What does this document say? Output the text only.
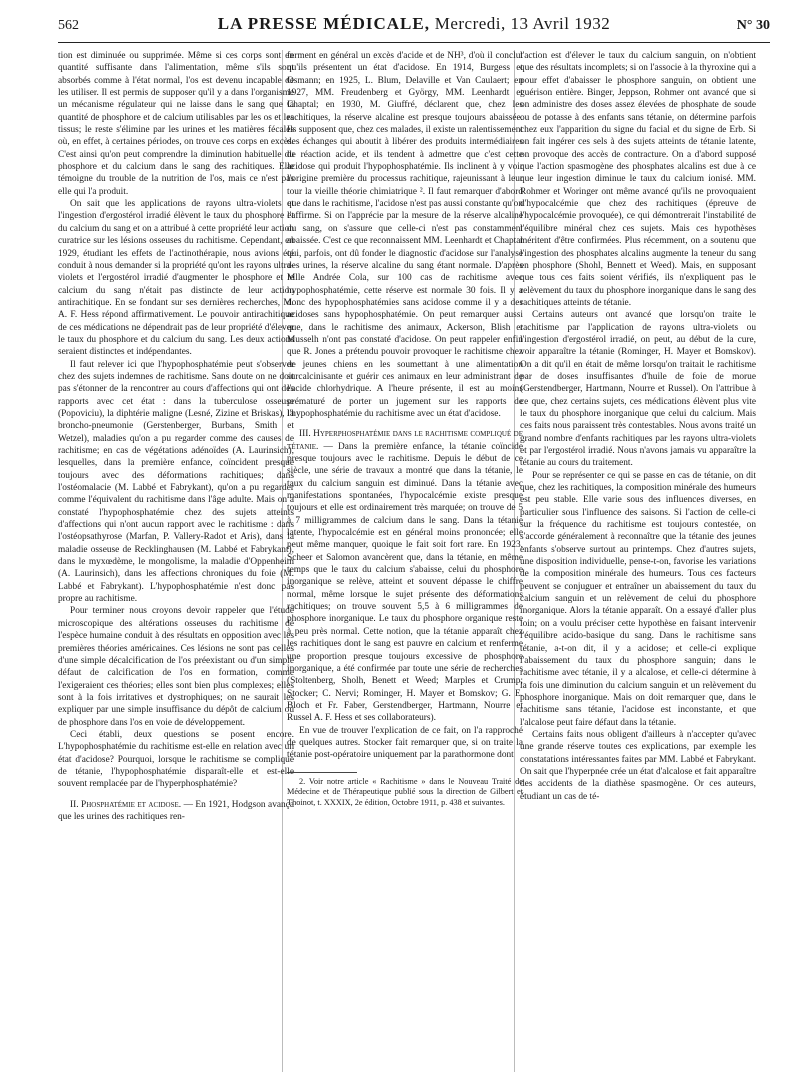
562	LA PRESSE MÉDICALE, Mercredi, 13 Avril 1932	N° 30

tion est diminuée ou supprimée. Même si ces corps sont en quantité suffisante dans l'alimentation, même s'ils sont absorbés comme à l'état normal, l'os est devenu incapable de les utiliser. Il est permis de supposer qu'il y a dans l'organisme un mécanisme régulateur qui ne laisse dans le sang que la quantité de phosphore et de calcium utilisables par les os et les tissus; le reste s'élimine par les urines et les matières fécales où, en effet, à certaines périodes, on trouve ces corps en excès. C'est ainsi qu'on peut comprendre la diminution habituelle du phosphore et du calcium dans le sang des rachitiques. Elle témoigne du trouble de la nutrition de l'os, mais ce n'est pas elle qui l'a produit.

On sait que les applications de rayons ultra-violets et l'ingestion d'ergostérol irradié élèvent le taux du phosphore et du calcium du sang et on a attribué à cette propriété leur action curatrice sur les lésions osseuses du rachitisme. Cependant, en 1929, étudiant les effets de l'actinothérapie, nous avions été conduit à nous demander si la propriété qu'ont les rayons ultra-violets et l'ergostérol irradié d'augmenter le phosphore et le calcium du sang n'était pas distincte de leur action antirachitique. En se fondant sur ses dernières recherches, M. A. F. Hess répond affirmativement. Le pouvoir antirachitique de ces médications ne dépendrait pas de leur propriété d'élever le taux du phosphore et du calcium du sang. Les deux actions seraient distinctes et indépendantes.

Il faut relever ici que l'hypophosphatémie peut s'observer chez des sujets indemnes de rachitisme. Sans doute on ne doit pas s'étonner de la rencontrer au cours d'affections qui ont des rapports avec cet état : dans la tuberculose osseuse (Popoviciu), la diphtérie maligne (Lesné, Zizine et Briskas), la broncho-pneumonie (Gerstenberger, Burbans, Smith et Wetzel), maladies qu'on a pu regarder comme des causes de rachitisme; en cas de végétations adénoïdes (A. Laurinsich), lesquelles, dans la première enfance, coïncident presque toujours avec des déformations rachitiques; dans l'ostéomalacie (M. Labbé et Fabrykant), qu'on a pu regarder comme l'équivalent du rachitisme dans l'âge adulte. Mais on a constaté l'hypophosphatémie chez des sujets atteints d'affections qui n'ont aucun rapport avec le rachitisme : dans l'ostéopsathyrose (Marfan, P. Vallery-Radot et Aris), dans la maladie osseuse de Recklinghausen (M. Labbé et Fabrykant), dans le myxœdème, le mongolisme, la maladie d'Oppenheim (A. Laurinsich), dans les affections chroniques du foie (M. Labbé et Fabrykant). L'hypophosphatémie n'est donc pas propre au rachitisme.

Pour terminer nous croyons devoir rappeler que l'étude microscopique des altérations osseuses du rachitisme de l'espèce humaine conduit à des résultats en opposition avec les premières théories américaines. Ces lésions ne sont pas celles d'une simple décalcification de l'os préexistant ou d'un simple défaut de calcification de l'os en formation, comme l'exigeraient ces théories; elles sont bien plus complexes; elles sont à la fois irritatives et dystrophiques; on ne saurait les expliquer par une simple insuffisance du dépôt de calcium ou de phosphore dans l'os en voie de développement.

Ceci établi, deux questions se posent encore. L'hypophosphatémie du rachitisme est-elle en relation avec un état d'acidose? Pourquoi, lorsque le rachitisme se complique de tétanie, l'hypophosphatémie disparaît-elle et est-elle souvent remplacée par de l'hyperphosphatémie?

II. Phosphatémie et acidose. — En 1921, Hodgson avança que les urines des rachitiques ren-

ferment en général un excès d'acide et de NH³, d'où il conclut qu'ils présentent un état d'acidose. En 1914, Burgess et Osmann; en 1925, L. Blum, Delaville et Van Caulaert; en 1927, MM. Freudenberg et György, MM. Leenhardt et Chaptal; en 1930, M. Giuffré, déclarent que, chez les rachitiques, la réserve alcaline est presque toujours abaissée. Ils supposent que, chez ces malades, il existe un ralentissement des échanges qui aboutit à libérer des produits intermédiaires de réaction acide, et ils tendent à admettre que c'est cette acidose qui produit l'hypophosphatémie. Ils inclinent à y voir l'origine première du processus rachitique, rajeunissant à leur tour la vieille théorie chimiatrique ². Il faut remarquer d'abord que dans le rachitisme, l'acidose n'est pas aussi constante qu'on l'affirme. Si on l'apprécie par la mesure de la réserve alcaline du sang, on s'assure que celle-ci n'est pas constamment abaissée. C'est ce que reconnaissent MM. Leenhardt et Chaptal qui, parfois, ont dû fonder le diagnostic d'acidose sur l'analyse des urines, la réserve alcaline du sang étant normale. D'après Mlle Andrée Cola, sur 100 cas de rachitisme avec hypophosphatémie, cette réserve est normale 30 fois. Il y a donc des hypophosphatémies sans acidose comme il y a des acidoses sans hypophosphatémie. On peut remarquer aussi que, dans le rachitisme des animaux, Ackerson, Blish et Musselh n'ont pas constaté d'acidose. On peut rappeler enfin que R. Jones a prétendu pouvoir provoquer le rachitisme chez de jeunes chiens en les soumettant à une alimentation surcalcinisante et guérir ces animaux en leur administrant de l'acide chlorhydrique. A l'heure présente, il est au moins prématuré de porter un jugement sur les rapports de l'hypophosphatémie du rachitisme avec un état d'acidose.

III. Hyperphosphatémie dans le rachitisme compliqué de tétanie. — Dans la première enfance, la tétanie coïncide presque toujours avec le rachitisme. Depuis le début de ce siècle, une série de travaux a montré que dans la tétanie, le taux du calcium sanguin est diminué. Dans la tétanie avec manifestations spontanées, l'hypocalcémie existe presque toujours et elle est ordinairement très marquée; on trouve de 5 à 7 milligrammes de calcium dans le sang. Dans la tétanie latente, l'hypocalcémie est en général moins prononcée; elle peut même manquer, quoique le fait soit fort rare. En 1923, Scheer et Salomon avancèrent que, dans la tétanie, en même temps que le taux du calcium s'abaisse, celui du phosphore inorganique se relève, atteint et souvent dépasse le chiffre normal, même lorsque le sujet présente des déformations rachitiques; on trouve souvent 5,5 à 6 milligrammes de phosphore inorganique. Le taux du phosphore organique reste à peu près normal. Cette notion, que la tétanie apparaît chez les rachitiques dont le sang est pauvre en calcium et renferme une proportion presque toujours excessive de phosphore inorganique, a été confirmée par toute une série de recherches (Stoltenberg, Sholh, Benett et Weed; Marples et Crump; Stocker; C. Nervi; Rominger, H. Mayer et Bomskov; G. E. Bloch et Fr. Faber, Gerstendberger, Hartmann, Nourre et Russel A. F. Hess et ses collaborateurs).

En vue de trouver l'explication de ce fait, on l'a rapproché de quelques autres. Stocker fait remarquer que, si on traite la tétanie post-opératoire uniquement par la parathormone dont

2. Voir notre article « Rachitisme » dans le Nouveau Traité de Médecine et de Thérapeutique publié sous la direction de Gilbert et Thoinot, t. XXXIX, 2e édition, Octobre 1911, p. 438 et suivantes.

l'action est d'élever le taux du calcium sanguin, on n'obtient que des résultats incomplets; si on l'associe à la thyroxine qui a pour effet d'abaisser le phosphore sanguin, on obtient une guérison entière. Binger, Jeppson, Rohmer ont avancé que si on administre des doses assez élevées de phosphate de soude ou de potasse à des enfants sans tétanie, on détermine parfois chez eux l'apparition du signe du facial et du signe de Erb. Si on fait ingérer ces sels à des sujets atteints de tétanie latente, on provoque des accès de contracture. On a d'abord supposé que l'action spasmogène des phosphates alcalins est due à ce que leur ingestion diminue le taux du calcium ionisé. MM. Rohmer et Woringer ont même avancé qu'ils ne provoquaient d'hypocalcémie que chez des rachitiques (épreuve de l'hypocalcémie provoquée), ce qui démontrerait l'instabilité de l'équilibre minéral chez ces sujets. Mais ces hypothèses méritent d'être confirmées. Plus récemment, on a soutenu que l'ingestion des phosphates alcalins augmente la teneur du sang en phosphore (Shohl, Bennett et Weed). Mais, en supposant que tous ces faits soient vérifiés, ils n'expliquent pas le relèvement du taux du phosphore inorganique dans le sang des rachitiques atteints de tétanie.

Certains auteurs ont avancé que lorsqu'on traite le rachitisme par l'application de rayons ultra-violets ou l'ingestion d'ergostérol irradié, on peut, au début de la cure, voir apparaître la tétanie (Rominger, H. Mayer et Bomskov). On a dit qu'il en était de même lorsqu'on traitait le rachitisme par de doses insuffisantes d'huile de foie de morue (Gerstendberger, Hartmann, Nourre et Russel). On l'attribue à ce que, chez certains sujets, ces médications élèvent plus vite le taux du phosphore inorganique que celui du calcium. Mais ces faits nous paraissent très contestables. Nous avons traité un grand nombre d'enfants rachitiques par les rayons ultra-violets et par l'ergostérol irradié. Nous n'avons jamais vu apparaître la tétanie au cours du traitement.

Pour se représenter ce qui se passe en cas de tétanie, on dit que, chez les rachitiques, la composition minérale des humeurs est peu stable. Elle varie sous des influences diverses, en particulier sous l'influence des saisons. Si l'action de celle-ci sur la fréquence du rachitisme est toujours contestée, on s'accorde généralement à reconnaître que la tétanie des jeunes enfants s'observe surtout au printemps. Chez d'autres sujets, une disposition individuelle, pense-t-on, favorise les variations de la composition minérale des humeurs. Tous ces facteurs peuvent se conjuguer et entraîner un abaissement du taux du calcium sanguin et un relèvement de celui du phosphore inorganique. Alors la tétanie apparaît. On a essayé d'aller plus loin; on a voulu préciser cette hypothèse en faisant intervenir l'équilibre acido-basique du sang. Dans le rachitisme sans tétanie, a-t-on dit, il y a acidose; et celle-ci explique l'abaissement du taux du phosphore sanguin; dans le rachitisme avec tétanie, il y a alcalose, et celle-ci détermine à la fois une diminution du calcium sanguin et un relèvement du phosphore inorganique. Mais on doit remarquer que, dans le rachitisme sans tétanie, l'acidose est inconstante, et que l'alcalose peut faire défaut dans la tétanie.

Certains faits nous obligent d'ailleurs à n'accepter qu'avec une grande réserve toutes ces explications, par exemple les constatations intéressantes faites par MM. Labbé et Fabrykant. On sait que l'hyperpnée crée un état d'alcalose et fait apparaître des accidents de la diathèse spasmogène. Or ces auteurs, étudiant un cas de té-
